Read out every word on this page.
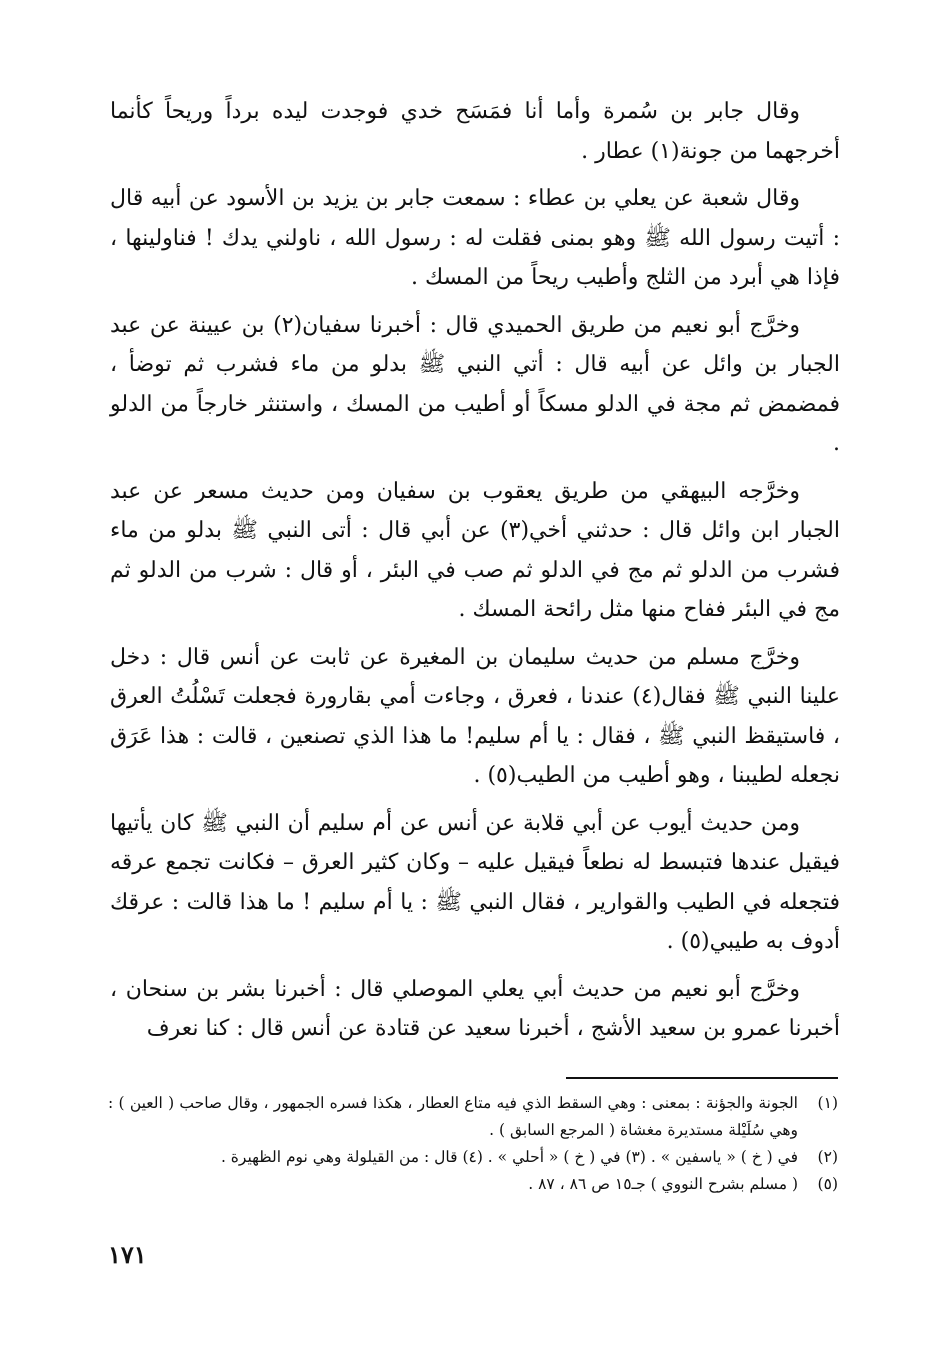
وقال جابر بن سُمرة وأما أنا فمَسَح خدي فوجدت ليده برداً وريحاً كأنما أخرجهما من جونة(١) عطار .

وقال شعبة عن يعلي بن عطاء : سمعت جابر بن يزيد بن الأسود عن أبيه قال : أتيت رسول الله ﷺ وهو بمنى فقلت له : رسول الله ، ناولني يدك ! فناولينها ، فإذا هي أبرد من الثلج وأطيب ريحاً من المسك .

وخرَّج أبو نعيم من طريق الحميدي قال : أخبرنا سفيان(٢) بن عيينة عن عبد الجبار بن وائل عن أبيه قال : أتي النبي ﷺ بدلو من ماء فشرب ثم توضأ ، فمضمض ثم مجة في الدلو مسكاً أو أطيب من المسك ، واستنثر خارجاً من الدلو .

وخرَّجه البيهقي من طريق يعقوب بن سفيان ومن حديث مسعر عن عبد الجبار ابن وائل قال : حدثني أخي(٣) عن أبي قال : أتى النبي ﷺ بدلو من ماء فشرب من الدلو ثم مج في الدلو ثم صب في البئر ، أو قال : شرب من الدلو ثم مج في البئر ففاح منها مثل رائحة المسك .

وخرَّج مسلم من حديث سليمان بن المغيرة عن ثابت عن أنس قال : دخل علينا النبي ﷺ فقال(٤) عندنا ، فعرق ، وجاءت أمي بقارورة فجعلت تَسْلُتُ العرق ، فاستيقظ النبي ﷺ ، فقال : يا أم سليم! ما هذا الذي تصنعين ، قالت : هذا عَرَق نجعله لطيبنا ، وهو أطيب من الطيب(٥) .

ومن حديث أيوب عن أبي قلابة عن أنس عن أم سليم أن النبي ﷺ كان يأتيها فيقيل عندها فتبسط له نطعاً فيقيل عليه – وكان كثير العرق – فكانت تجمع عرقه فتجعله في الطيب والقوارير ، فقال النبي ﷺ : يا أم سليم ! ما هذا قالت : عرقك أدوف به طيبي(٥) .

وخرَّج أبو نعيم من حديث أبي يعلي الموصلي قال : أخبرنا بشر بن سنحان ، أخبرنا عمرو بن سعيد الأشج ، أخبرنا سعيد عن قتادة عن أنس قال : كنا نعرف

(١)
الجونة والجؤنة : بمعنى : وهي السقط الذي فيه متاع العطار ، هكذا فسره الجمهور ، وقال صاحب ( العين ) : وهي سُلَيْلة مستديرة مغشاة ( المرجع السابق ) .
(٢)
في ( خ ) « ياسفين » . (٣) في ( خ ) « أحلي » . (٤) قال : من القيلولة وهي نوم الظهيرة .
(٥)
( مسلم بشرح النووي ) جـ١٥ ص ٨٦ ، ٨٧ .
١٧١
